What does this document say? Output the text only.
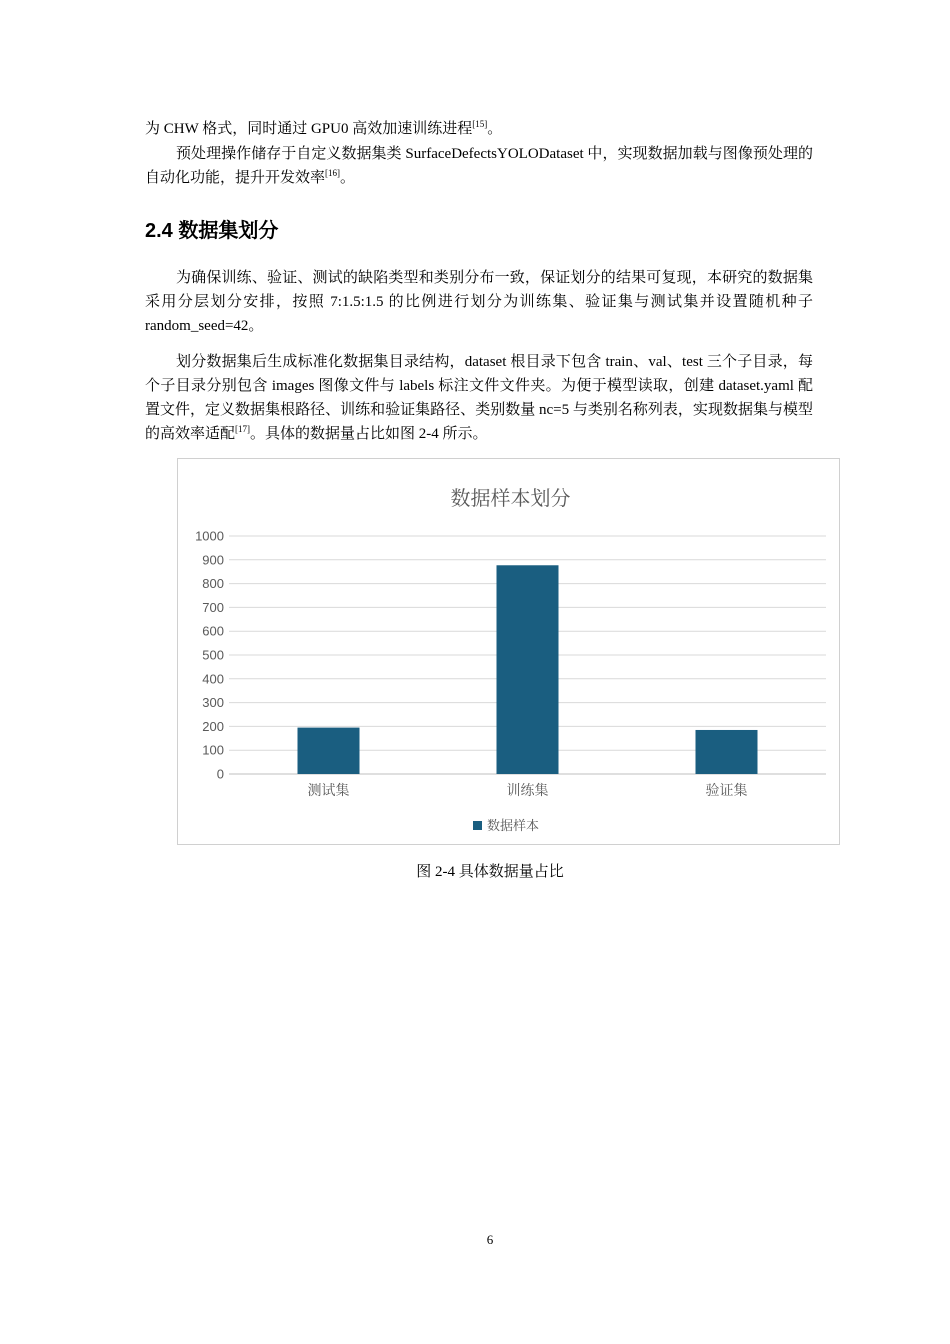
为 CHW 格式，同时通过 GPU0 高效加速训练进程[15]。

预处理操作储存于自定义数据集类 SurfaceDefectsYOLODataset 中，实现数据加载与图像预处理的自动化功能，提升开发效率[16]。

2.4 数据集划分

为确保训练、验证、测试的缺陷类型和类别分布一致，保证划分的结果可复现，本研究的数据集采用分层划分安排，按照 7:1.5:1.5 的比例进行划分为训练集、验证集与测试集并设置随机种子 random_seed=42。

划分数据集后生成标准化数据集目录结构，dataset 根目录下包含 train、val、test 三个子目录，每个子目录分别包含 images 图像文件与 labels 标注文件文件夹。为便于模型读取，创建 dataset.yaml 配置文件，定义数据集根路径、训练和验证集路径、类别数量 nc=5 与类别名称列表，实现数据集与模型的高效率适配[17]。具体的数据量占比如图 2-4 所示。

数据样本划分
0
100
200
300
400
500
600
700
800
900
1000
测试集	训练集	验证集
数据样本

图 2-4 具体数据量占比

6
